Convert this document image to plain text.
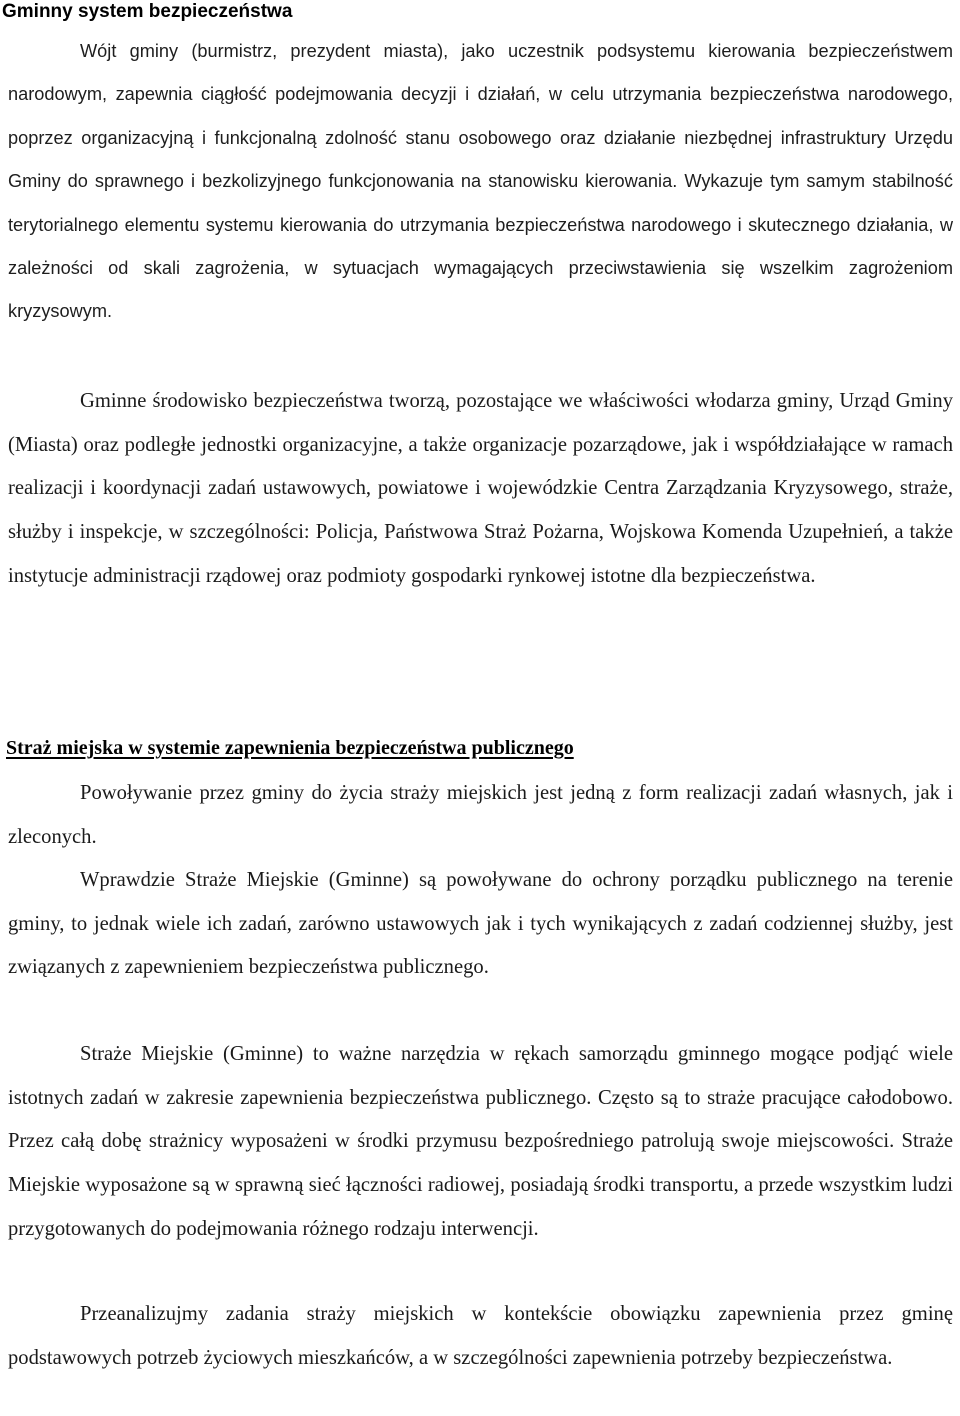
Gminny system bezpieczeństwa

Wójt gminy (burmistrz, prezydent miasta), jako uczestnik podsystemu kierowania bezpieczeństwem narodowym, zapewnia ciągłość podejmowania decyzji i działań, w celu utrzymania bezpieczeństwa narodowego, poprzez organizacyjną i funkcjonalną zdolność stanu osobowego oraz działanie niezbędnej infrastruktury Urzędu Gminy do sprawnego i bezkolizyjnego funkcjonowania na stanowisku kierowania. Wykazuje tym samym stabilność terytorialnego elementu systemu kierowania do utrzymania bezpieczeństwa narodowego i skutecznego działania, w zależności od skali zagrożenia, w sytuacjach wymagających przeciwstawienia się wszelkim zagrożeniom kryzysowym.

Gminne środowisko bezpieczeństwa tworzą, pozostające we właściwości włodarza gminy, Urząd Gminy (Miasta) oraz podległe jednostki organizacyjne, a także organizacje pozarządowe, jak i współdziałające w ramach realizacji i koordynacji zadań ustawowych, powiatowe i wojewódzkie Centra Zarządzania Kryzysowego, straże, służby i inspekcje, w szczególności: Policja, Państwowa Straż Pożarna, Wojskowa Komenda Uzupełnień, a także instytucje administracji rządowej oraz podmioty gospodarki rynkowej istotne dla bezpieczeństwa.

Straż miejska w systemie zapewnienia bezpieczeństwa publicznego

Powoływanie przez gminy do życia straży miejskich jest jedną z form realizacji zadań własnych, jak i zleconych.

Wprawdzie Straże Miejskie (Gminne) są powoływane do ochrony porządku publicznego na terenie gminy, to jednak wiele ich zadań, zarówno ustawowych jak i tych wynikających z zadań codziennej służby, jest związanych z zapewnieniem bezpieczeństwa publicznego.

Straże Miejskie (Gminne) to ważne narzędzia w rękach samorządu gminnego mogące podjąć wiele istotnych zadań w zakresie zapewnienia bezpieczeństwa publicznego. Często są to straże pracujące całodobowo. Przez całą dobę strażnicy wyposażeni w środki przymusu bezpośredniego patrolują swoje miejscowości. Straże Miejskie wyposażone są w sprawną sieć łączności radiowej, posiadają środki transportu, a przede wszystkim ludzi przygotowanych do podejmowania różnego rodzaju interwencji.

Przeanalizujmy zadania straży miejskich w kontekście obowiązku zapewnienia przez gminę podstawowych potrzeb życiowych mieszkańców, a w szczególności zapewnienia potrzeby bezpieczeństwa.
